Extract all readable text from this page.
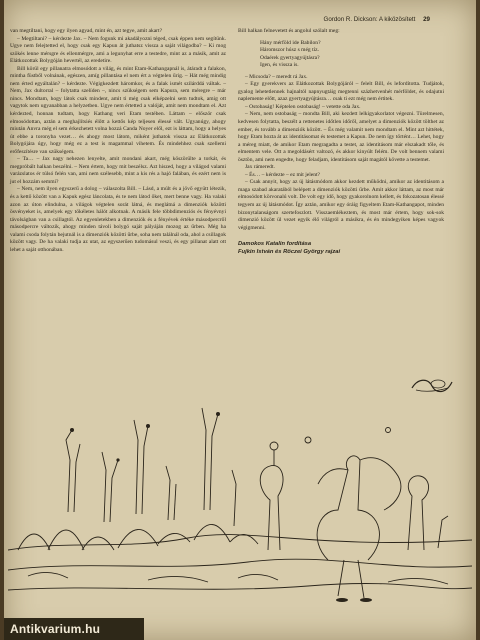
Gordon R. Dickson: A kiközösített 29

van megtiltani, hogy egy ilyen agyad, mint én, azt tegye, amit akart?

– Megtiltani? – kérdezte Jax. – Nem fogunk mi akadályozni téged, csak éppen nem segítünk. Ugye nem felejtetted el, hogy csak egy Kapun át juthatsz vissza a saját világodba? – Ki mog szökés lenne mérsgre és ellenmérgre, ami a legunyhat erre a testedre, mint az a másik, amit az Elátkozottak Bolygóján hevertél, az eredetire.

Bill körül egy pillanatra elmosódott a világ, és mint Etam-Kathangapnál is, átáradt a falakon, mintha füstből volnának, egészen, amíg pillantása el nem ért a végtelen űrig. – Hát még mindig nem érted egyáltalán? – kérdezte. Végigkezdett háromkor, és a falak ismét szilárddá váltak. – Nem, Jax dultorral – folytatta szelíden –, nincs szükségem sem Kapura, sem méregre – már nincs. Mondtam, hogy látok csak mindent, amit ti még csak elképzelni sem tudtok, amig ott vagytok nem ugyanabban a helyzetben. Ugye nem értetted a valóját, amit nem mondtam el. Azt kérdezted, honnan tudtam, hogy Kathang veri Etam testében. Láttam – először csak elmosódottan, aztán a meghajlítsiés élőtt a kettős kép teljesen élessé vált. Ugyanúgy, ahogy miután Anvra még el sem érkezhetett volna hozzá Canda Noyer elől, ezt is láttam, hogy a helyes út ebbe a toronyba vezet… és ahogy most látom, miként juthatok vissza az Elátkozottak Bolygójára úgy, hogy még ez a test is magammal vihetem. És mindehhez csak szellemi erőfeszítésre van szükségem.

– Ta… – Jax nagy nehezen lenyelte, amit mondani akart, még köszörülte a torkát, és megpróbált halkan beszélni. – Nem értem, hogy mit beszélsz. Azt hiszed, hogy a világod valami varázslatos ér túlsó felén van, ami nem szélesebb, mint a kis rés a hajó falában, és ezért nem is jut el hozzám semmi?

– Nem, nem ilyen egyszerű a dolog – válaszolta Bill. – Lásd, a múlt és a jövő együtt létezik, és a kettő között van a Kapuk egész láncolata, és te nem látod őket, mert benne vagy. Ha valaki azon az úton elindulna, a világok végtelen sorát látná, és meglátná a dimenziók közötti ösvényeket is, amelyek egy tökéletes hálót alkotnak. A másik fele többdimenziós és fényévnyi távolságban van a csillagtól. Az egyenletekben a dimenziók és a fényévek értéke másodpercről másodpercre változik, ahogy minden távoli bolygó saját pályáján mozog az űrben. Még ha valami csoda folytán bejutnál is a dimenziók közötti űrbe, soha nem találnál oda, ahol a csillagok között vagy. De ha valaki tudja az utat, az egyszerűen tudomásul veszi, és egy pillanat alatt ott lehet a saját otthonában.

Bill halkan felnevetett és angolul szólalt meg:

Hány mérföld ide Babilon?
Háromszor húsz s még tíz.
Odaérek gyertyagyújtásra?
Igen, és vissza is.

– Micsoda? – meredt rá Jax.

– Egy gyerekvers az Elátkozottak Bolygójáról – felelt Bill, és lefordította. Tudjátok, gyalog lehetetlennek hajnaltól napnyugtáig megtenni százhetvenhét mérföldet, és odajutni naplemente előtt, azaz gyertyagyújtásra… csak ti ezt még nem értitek.

– Ostobaság! Képtelen ostobaság! – vetette oda Jax.

– Nem, nem ostobaság – mondta Bill, aki kezdett lelkigyakorlatot végezni. Türelmesen, kedvesen folytatta, beszélt a rettenetes időtlen időről, amelyet a dimenziók között tölthet az ember, és tovább a dimenziók között. – És még valamit nem mondtam el. Mint azt hittétek, hogy Etam hozta át az identitásomat és testemet a Kapun. De nem így történt… Lehet, hogy a méreg miatt, de amikor Etam megragadta a testet, az identitásom már elszakadt tőle, és elmentem vele. Ott a megoldásért valtozó, és akkor kinyúlt felém. De volt bennem valami ösztön, ami nem engedte, hogy feladjam, identitásom saját magától követte a testemet.

Jax rámeredt.

– És… – kérdezte – ez mit jelent?

– Csak annyit, hogy az új látásmódom akkor kezdett működni, amikor az identitásom a maga szabad akaratából belépett a dimenziók közötti űrbe. Amit akkor láttam, az most már elmosódott körvonalú volt. De volt egy idő, hogy gyakorolnom kellett, és fokozatosan élessé tegyem az új látásmódot. Így aztán, amikor egy óráig figyeltem Etam-Kathangapot, minden bizonytalanságom szertefoszlott. Visszaemlékeztem, és most már értem, hogy sok-sok dimenzió között ül vezet egyik élő világról a másikra, és én mindegyiken képes vagyok végigmenni.

Damokos Katalin fordítása
Fujkin István és Röczei György rajzai
Antikvarium.hu
